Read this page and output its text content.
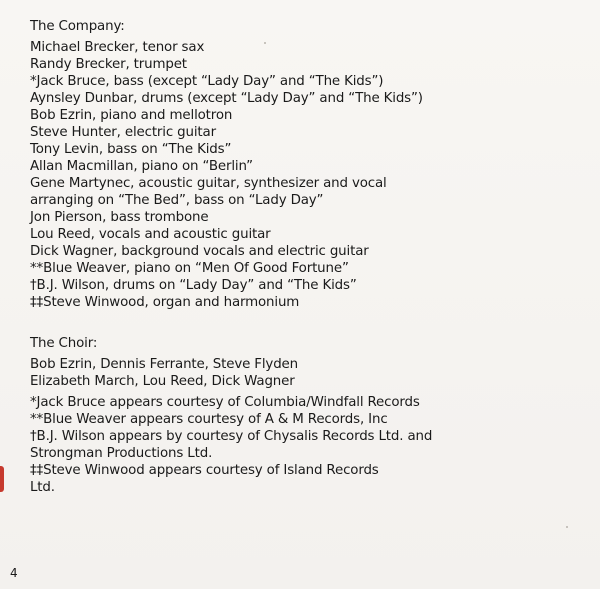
The Company:
Michael Brecker, tenor sax
Randy Brecker, trumpet
*Jack Bruce, bass (except “Lady Day” and “The Kids”)
Aynsley Dunbar, drums (except “Lady Day” and “The Kids”)
Bob Ezrin, piano and mellotron
Steve Hunter, electric guitar
Tony Levin, bass on “The Kids”
Allan Macmillan, piano on “Berlin”
Gene Martynec, acoustic guitar, synthesizer and vocal arranging on “The Bed”, bass on “Lady Day”
Jon Pierson, bass trombone
Lou Reed, vocals and acoustic guitar
Dick Wagner, background vocals and electric guitar
**Blue Weaver, piano on “Men Of Good Fortune”
†B.J. Wilson, drums on “Lady Day” and “The Kids”
‡‡Steve Winwood, organ and harmonium
The Choir:
Bob Ezrin, Dennis Ferrante, Steve Flyden
Elizabeth March, Lou Reed, Dick Wagner

*Jack Bruce appears courtesy of Columbia/Windfall Records

**Blue Weaver appears courtesy of A & M Records, Inc

†B.J. Wilson appears by courtesy of Chysalis Records Ltd. and Strongman Productions Ltd.

‡‡Steve Winwood appears courtesy of Island Records Ltd.

4
